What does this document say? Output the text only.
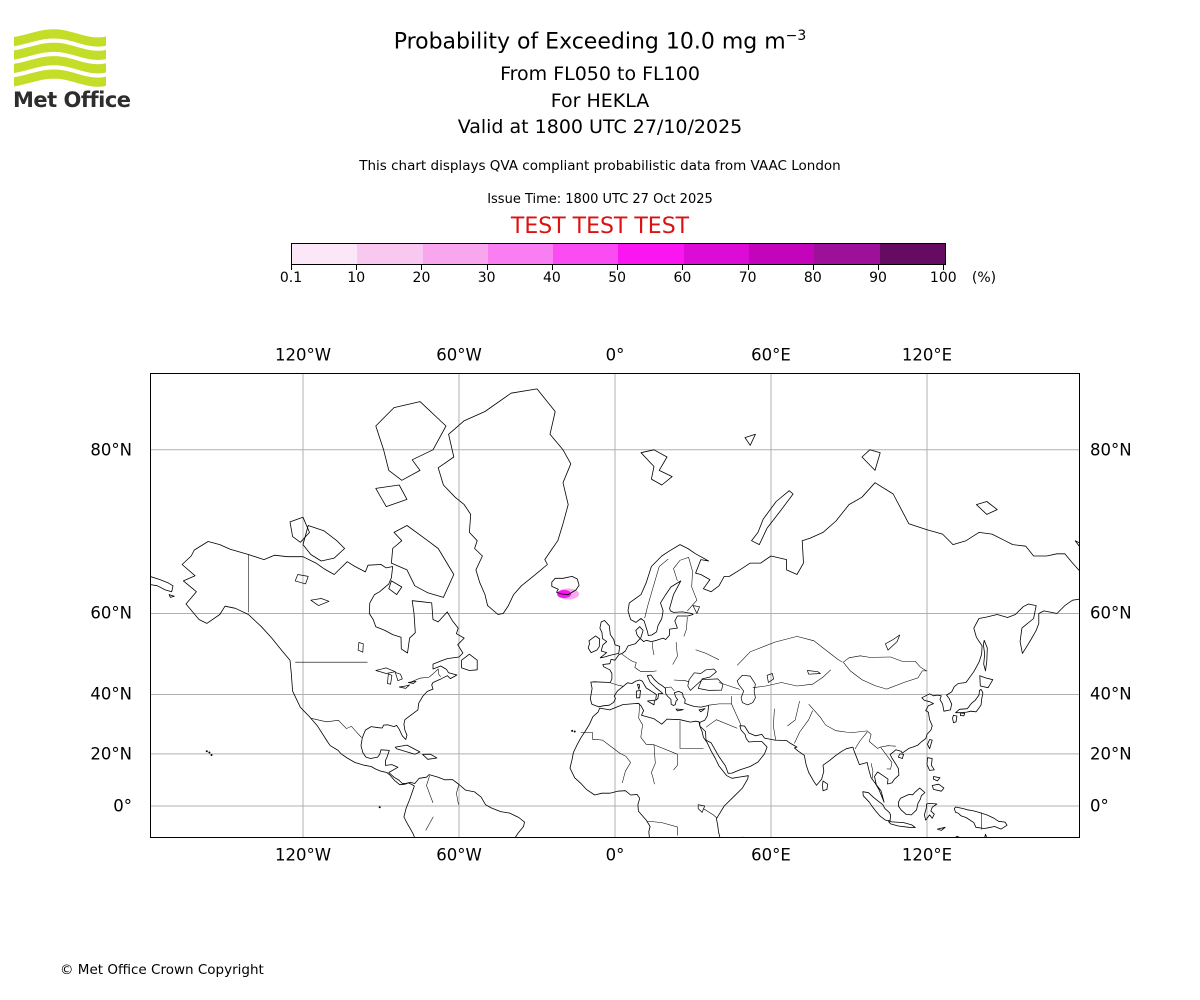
Met Office
Probability of Exceeding 10.0 mg $m^{-3}$
From FL050 to FL100
For HEKLA
Valid at 1800 UTC 27/10/2025
This chart displays QVA compliant probabilistic data from VAAC London
Issue Time: 1800 UTC 27 Oct 2025
TEST TEST TEST
0.1	10	20	30	40	50	60	70	80	90	100 (%)
120°W
120°W
60°W
60°W
0°
0°
60°E
60°E
120°E
120°E
80°N	80°N
60°N	60°N
40°N	40°N
20°N	20°N
0°	0°
© Met Office Crown Copyright
